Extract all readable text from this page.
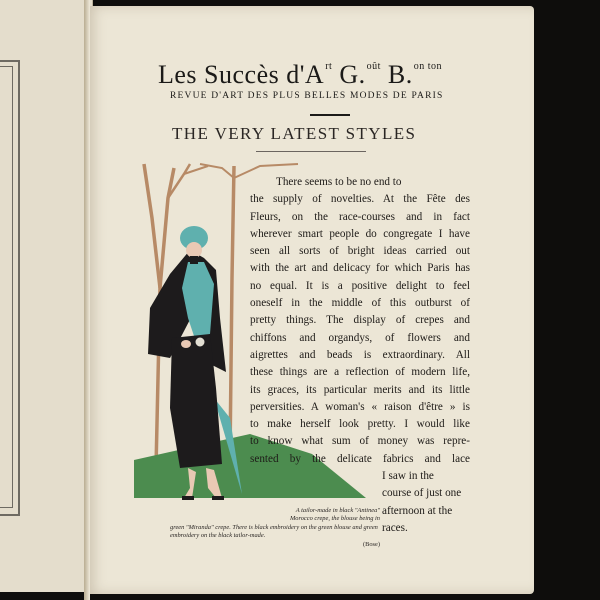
Les Succès $d'A^{rt}$ G.$^{oût}$ B.$^{on ton}$
REVUE D'ART DES PLUS BELLES MODES DE PARIS
THE VERY LATEST STYLES
There seems to be no end to
the supply of novelties. At the Fête des
Fleurs, on the race-courses and in fact
wherever smart people do congregate I have
seen all sorts of bright ideas carried out
with the art and delicacy for which Paris has
no equal. It is a positive delight to feel
oneself in the middle of this outburst of
pretty things. The display of crepes and
chiffons and organdys, of flowers and
aigrettes and beads is extraordinary. All
these things are a reflection of modern life,
its graces, its particular merits and its little
perversities. A woman's « raison d'être » is
to make herself look pretty. I would like
to know what sum of money was repre-
sented by the delicate fabrics and lace
I saw in the
course of just one
afternoon at the
races.
A tailor-made in black "Antinea"
Morocco crepe, the blouse being in
green "Miranda" crepe. There is black embroidery on the green blouse and green embroidery on the black tailor-made.
(Bose)
